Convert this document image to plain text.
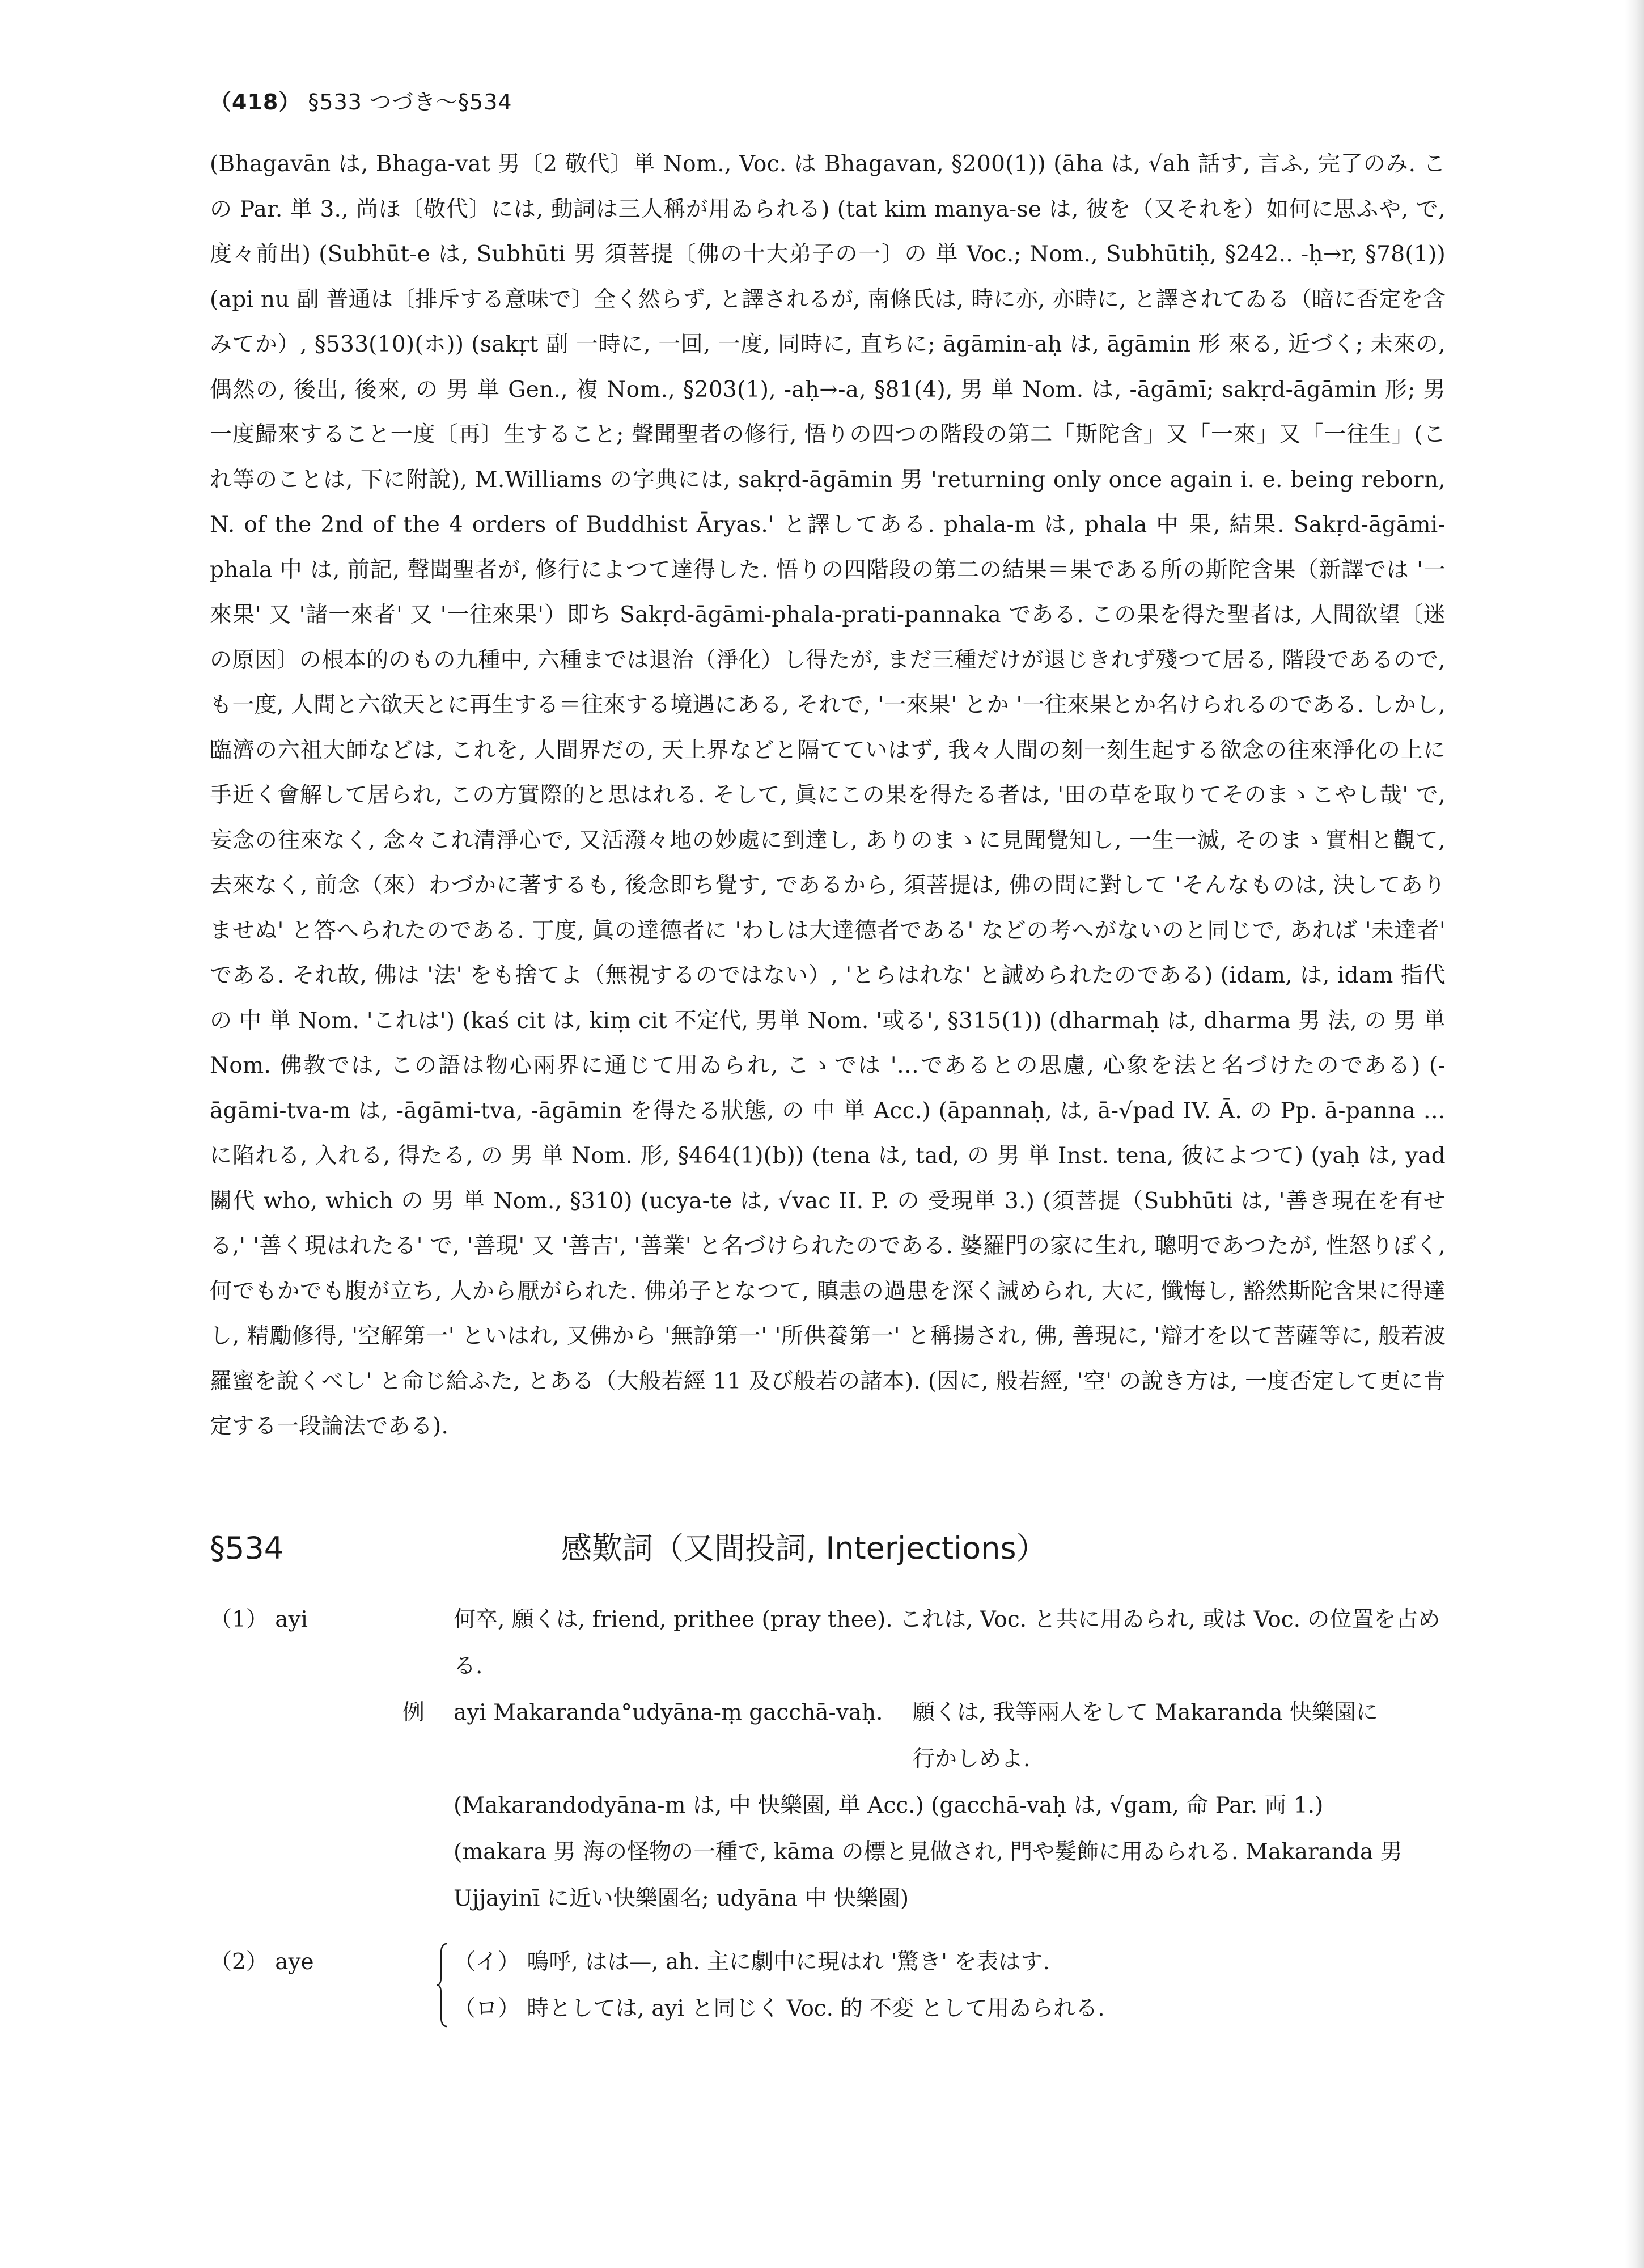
（418） §533 つづき～§534

(Bhagavān は, Bhaga-vat 男〔2 敬代〕単 Nom., Voc. は Bhagavan, §200(1)) (āha は, √ah 話す, 言ふ, 完了のみ. この Par. 単 3., 尚ほ〔敬代〕には, 動詞は三人稱が用ゐられる) (tat kim manya-se は, 彼を（又それを）如何に思ふや, で, 度々前出) (Subhūt-e は, Subhūti 男 須菩提〔佛の十大弟子の一〕の 単 Voc.; Nom., Subhūtiḥ, §242.. -ḥ→r, §78(1)) (api nu 副 普通は〔排斥する意味で〕全く然らず, と譯されるが, 南條氏は, 時に亦, 亦時に, と譯されてゐる（暗に否定を含みてか）, §533(10)(ホ)) (sakṛt 副 一時に, 一回, 一度, 同時に, 直ちに; āgāmin-aḥ は, āgāmin 形 來る, 近づく; 未來の, 偶然の, 後出, 後來, の 男 単 Gen., 複 Nom., §203(1), -aḥ→-a, §81(4), 男 単 Nom. は, -āgāmī; sakṛd-āgāmin 形; 男 一度歸來すること一度〔再〕生すること; 聲聞聖者の修行, 悟りの四つの階段の第二「斯陀含」又「一來」又「一往生」(これ等のことは, 下に附說), M.Williams の字典には, sakṛd-āgāmin 男 'returning only once again i. e. being reborn, N. of the 2nd of the 4 orders of Buddhist Āryas.' と譯してある. phala-m は, phala 中 果, 結果. Sakṛd-āgāmi-phala 中 は, 前記, 聲聞聖者が, 修行によつて達得した. 悟りの四階段の第二の結果＝果である所の斯陀含果（新譯では '一來果' 又 '諸一來者' 又 '一往來果'）即ち Sakṛd-āgāmi-phala-prati-pannaka である. この果を得た聖者は, 人間欲望〔迷の原因〕の根本的のもの九種中, 六種までは退治（淨化）し得たが, まだ三種だけが退じきれず殘つて居る, 階段であるので, も一度, 人間と六欲天とに再生する＝往來する境遇にある, それで, '一來果' とか '一往來果とか名けられるのである. しかし, 臨濟の六祖大師などは, これを, 人間界だの, 天上界などと隔てていはず, 我々人間の刻一刻生起する欲念の往來淨化の上に手近く會解して居られ, この方實際的と思はれる. そして, 眞にこの果を得たる者は, '田の草を取りてそのまゝこやし哉' で, 妄念の往來なく, 念々これ清淨心で, 又活潑々地の妙處に到達し, ありのまゝに見聞覺知し, 一生一滅, そのまゝ實相と觀て, 去來なく, 前念（來）わづかに著するも, 後念即ち覺す, であるから, 須菩提は, 佛の問に對して 'そんなものは, 決してありませぬ' と答へられたのである. 丁度, 眞の達德者に 'わしは大達德者である' などの考へがないのと同じで, あれば '未達者' である. それ故, 佛は '法' をも捨てよ（無視するのではない）, 'とらはれな' と誡められたのである) (idam, は, idam 指代 の 中 単 Nom. 'これは') (kaś cit は, kiṃ cit 不定代, 男単 Nom. '或る', §315(1)) (dharmaḥ は, dharma 男 法, の 男 単 Nom. 佛教では, この語は物心兩界に通じて用ゐられ, こゝでは '…であるとの思慮, 心象を法と名づけたのである) (-āgāmi-tva-m は, -āgāmi-tva, -āgāmin を得たる狀態, の 中 単 Acc.) (āpannaḥ, は, ā-√pad IV. Ā. の Pp. ā-panna …に陷れる, 入れる, 得たる, の 男 単 Nom. 形, §464(1)(b)) (tena は, tad, の 男 単 Inst. tena, 彼によつて) (yaḥ は, yad 關代 who, which の 男 単 Nom., §310) (ucya-te は, √vac II. P. の 受現単 3.) (須菩提（Subhūti は, '善き現在を有せる,' '善く現はれたる' で, '善現' 又 '善吉', '善業' と名づけられたのである. 婆羅門の家に生れ, 聰明であつたが, 性怒りぽく, 何でもかでも腹が立ち, 人から厭がられた. 佛弟子となつて, 瞋恚の過患を深く誡められ, 大に, 懺悔し, 豁然斯陀含果に得達し, 精勵修得, '空解第一' といはれ, 又佛から '無諍第一' '所供養第一' と稱揚され, 佛, 善現に, '辯才を以て菩薩等に, 般若波羅蜜を說くべし' と命じ給ふた, とある（大般若經 11 及び般若の諸本). (因に, 般若經, '空' の說き方は, 一度否定して更に肯定する一段論法である).

§534	感歎詞（又間投詞, Interjections）
（1） ayi	何卒, 願くは, friend, prithee (pray thee). これは, Voc. と共に用ゐられ, 或は Voc. の位置を占める.

例 ayi Makaranda°udyāna-ṃ gacchā-vaḥ. 願くは, 我等兩人をして Makaranda 快樂園に行かしめよ.

(Makarandodyāna-m は, 中 快樂園, 単 Acc.) (gacchā-vaḥ は, √gam, 命 Par. 両 1.)

(makara 男 海の怪物の一種で, kāma の標と見做され, 門や髮飾に用ゐられる. Makaranda 男 Ujjayinī に近い快樂園名; udyāna 中 快樂園)

（2） aye	（イ） 嗚呼, はは—, ah. 主に劇中に現はれ '驚き' を表はす.
（ロ） 時としては, ayi と同じく Voc. 的 不変 として用ゐられる.
